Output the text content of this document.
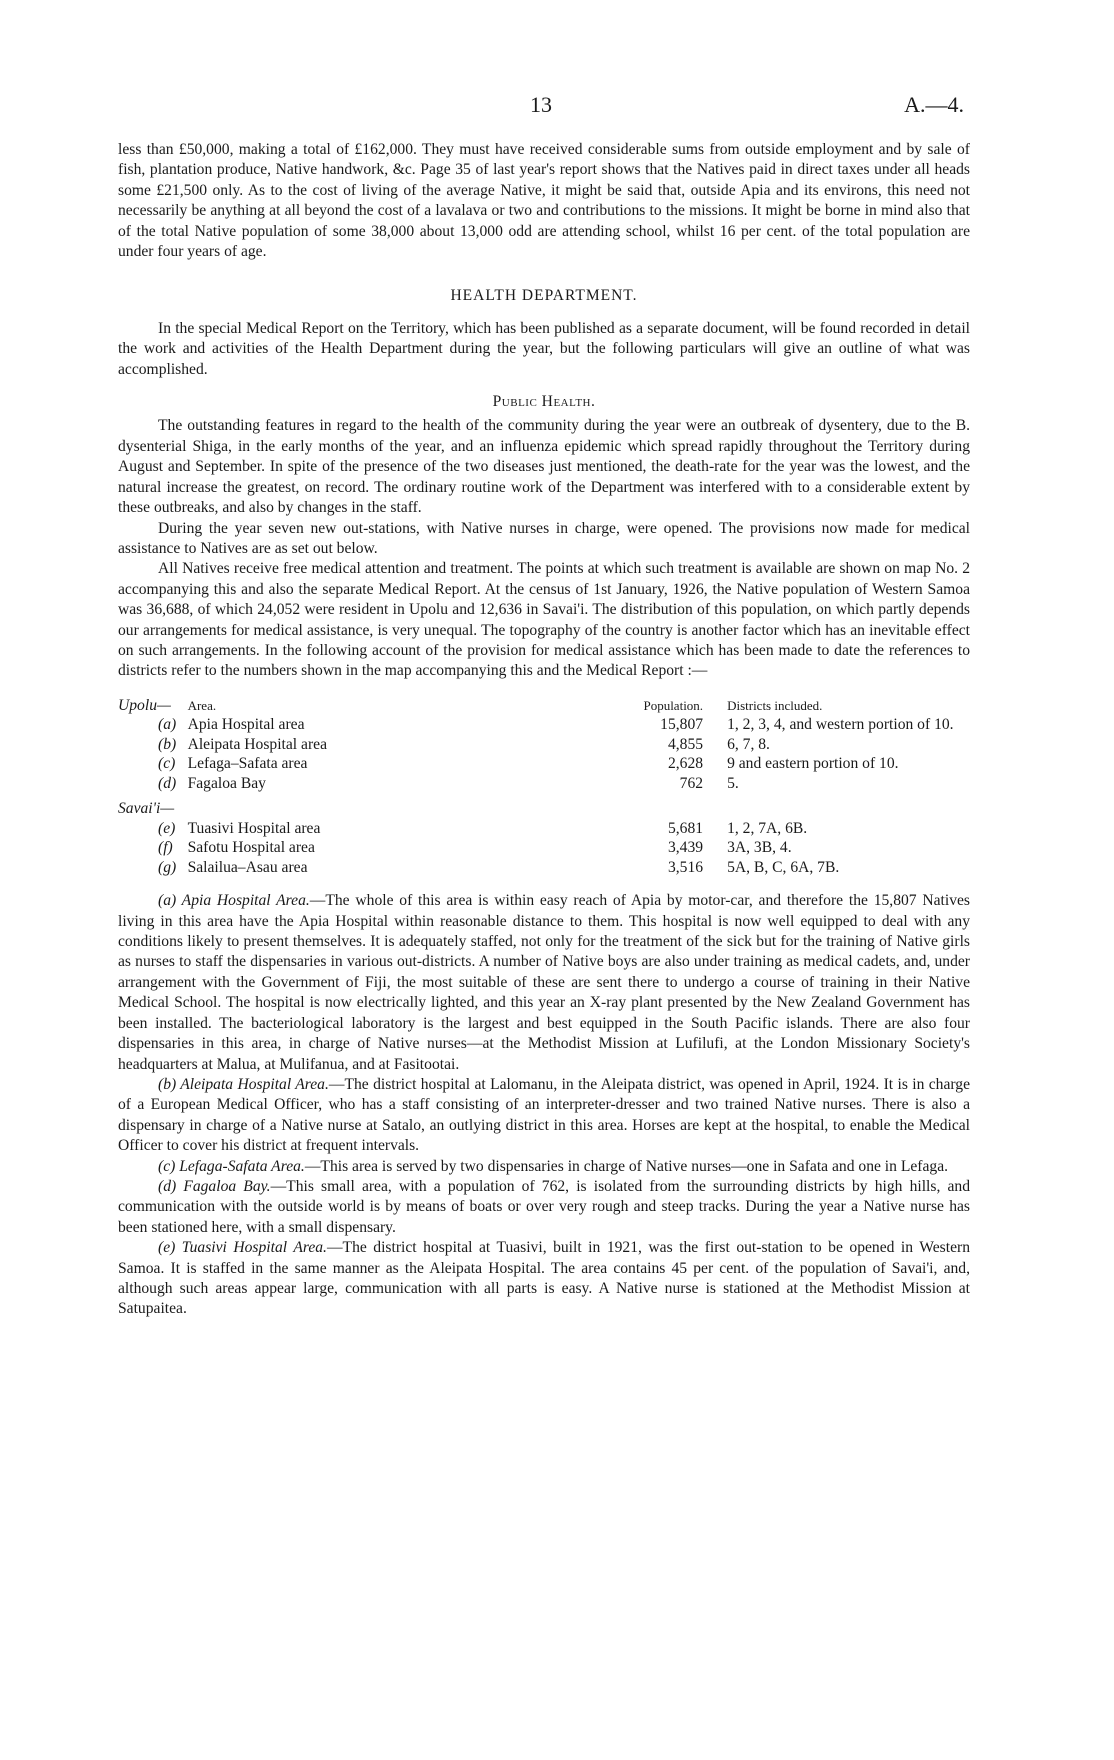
13	A.—4.

less than £50,000, making a total of £162,000. They must have received considerable sums from outside employment and by sale of fish, plantation produce, Native handwork, &c. Page 35 of last year's report shows that the Natives paid in direct taxes under all heads some £21,500 only. As to the cost of living of the average Native, it might be said that, outside Apia and its environs, this need not necessarily be anything at all beyond the cost of a lavalava or two and contributions to the missions. It might be borne in mind also that of the total Native population of some 38,000 about 13,000 odd are attending school, whilst 16 per cent. of the total population are under four years of age.

HEALTH DEPARTMENT.

In the special Medical Report on the Territory, which has been published as a separate document, will be found recorded in detail the work and activities of the Health Department during the year, but the following particulars will give an outline of what was accomplished.

Public Health.

The outstanding features in regard to the health of the community during the year were an outbreak of dysentery, due to the B. dysenterial Shiga, in the early months of the year, and an influenza epidemic which spread rapidly throughout the Territory during August and September. In spite of the presence of the two diseases just mentioned, the death-rate for the year was the lowest, and the natural increase the greatest, on record. The ordinary routine work of the Department was interfered with to a considerable extent by these outbreaks, and also by changes in the staff.

During the year seven new out-stations, with Native nurses in charge, were opened. The provisions now made for medical assistance to Natives are as set out below.

All Natives receive free medical attention and treatment. The points at which such treatment is available are shown on map No. 2 accompanying this and also the separate Medical Report. At the census of 1st January, 1926, the Native population of Western Samoa was 36,688, of which 24,052 were resident in Upolu and 12,636 in Savai'i. The distribution of this population, on which partly depends our arrangements for medical assistance, is very unequal. The topography of the country is another factor which has an inevitable effect on such arrangements. In the following account of the provision for medical assistance which has been made to date the references to districts refer to the numbers shown in the map accompanying this and the Medical Report :—

Upolu—	Area.	Population.	Districts included.
(a)	Apia Hospital area	15,807	1, 2, 3, 4, and western portion of 10.
(b)	Aleipata Hospital area	4,855	6, 7, 8.
(c)	Lefaga–Safata area	2,628	9 and eastern portion of 10.
(d)	Fagaloa Bay	762	5.
Savai'i—			
(e)	Tuasivi Hospital area	5,681	1, 2, 7A, 6B.
(f)	Safotu Hospital area	3,439	3A, 3B, 4.
(g)	Salailua–Asau area	3,516	5A, B, C, 6A, 7B.

(a) Apia Hospital Area.—The whole of this area is within easy reach of Apia by motor-car, and therefore the 15,807 Natives living in this area have the Apia Hospital within reasonable distance to them. This hospital is now well equipped to deal with any conditions likely to present themselves. It is adequately staffed, not only for the treatment of the sick but for the training of Native girls as nurses to staff the dispensaries in various out-districts. A number of Native boys are also under training as medical cadets, and, under arrangement with the Government of Fiji, the most suitable of these are sent there to undergo a course of training in their Native Medical School. The hospital is now electrically lighted, and this year an X-ray plant presented by the New Zealand Government has been installed. The bacteriological laboratory is the largest and best equipped in the South Pacific islands. There are also four dispensaries in this area, in charge of Native nurses—at the Methodist Mission at Lufilufi, at the London Missionary Society's headquarters at Malua, at Mulifanua, and at Fasitootai.

(b) Aleipata Hospital Area.—The district hospital at Lalomanu, in the Aleipata district, was opened in April, 1924. It is in charge of a European Medical Officer, who has a staff consisting of an interpreter-dresser and two trained Native nurses. There is also a dispensary in charge of a Native nurse at Satalo, an outlying district in this area. Horses are kept at the hospital, to enable the Medical Officer to cover his district at frequent intervals.

(c) Lefaga-Safata Area.—This area is served by two dispensaries in charge of Native nurses—one in Safata and one in Lefaga.

(d) Fagaloa Bay.—This small area, with a population of 762, is isolated from the surrounding districts by high hills, and communication with the outside world is by means of boats or over very rough and steep tracks. During the year a Native nurse has been stationed here, with a small dispensary.

(e) Tuasivi Hospital Area.—The district hospital at Tuasivi, built in 1921, was the first out-station to be opened in Western Samoa. It is staffed in the same manner as the Aleipata Hospital. The area contains 45 per cent. of the population of Savai'i, and, although such areas appear large, communication with all parts is easy. A Native nurse is stationed at the Methodist Mission at Satupaitea.
